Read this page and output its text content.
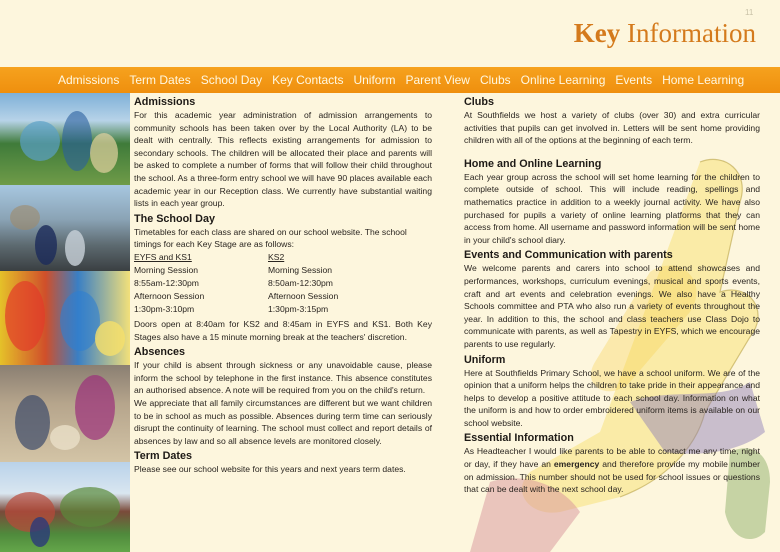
11
Key Information
Admissions Term Dates School Day Key Contacts Uniform Parent View Clubs Online Learning Events Home Learning
Admissions

For this academic year administration of admission arrangements to community schools has been taken over by the Local Authority (LA) to be dealt with centrally. This reflects existing arrangements for admission to secondary schools. The children will be allocated their place and parents will be asked to complete a number of forms that will follow their child throughout the school. As a three-form entry school we will have 90 places available each academic year in our Reception class. We currently have substantial waiting lists in each year group.

The School Day

Timetables for each class are shared on our school website. The school timings for each Key Stage are as follows:

EYFS and KS1	KS2
Morning Session	Morning Session
8:55am-12:30pm	8:50am-12:30pm
Afternoon Session	Afternoon Session
1:30pm-3:10pm	1:30pm-3:15pm

Doors open at 8:40am for KS2 and 8:45am in EYFS and KS1. Both Key Stages also have a 15 minute morning break at the teachers' discretion.

Absences

If your child is absent through sickness or any unavoidable cause, please inform the school by telephone in the first instance. This absence constitutes an authorised absence. A note will be required from you on the child's return.

We appreciate that all family circumstances are different but we want children to be in school as much as possible. Absences during term time can seriously disrupt the continuity of learning. The school must collect and report details of absences by law and so all absence levels are monitored closely.

Term Dates

Please see our school website for this years and next years term dates.

Clubs

At Southfields we host a variety of clubs (over 30) and extra curricular activities that pupils can get involved in. Letters will be sent home providing children with all of the options at the beginning of each term.

Home and Online Learning

Each year group across the school will set home learning for the children to complete outside of school. This will include reading, spellings and mathematics practice in addition to a weekly journal activity. We have also purchased for pupils a variety of online learning platforms that they can access from home. All username and password information will be sent home in your child's school diary.

Events and Communication with parents

We welcome parents and carers into school to attend showcases and performances, workshops, curriculum evenings, musical and sports events, craft and art events and celebration evenings. We also have a Healthy Schools committee and PTA who also run a variety of events throughout the year. In addition to this, the school and class teachers use Class Dojo to communicate with parents, as well as Tapestry in EYFS, which we encourage parents to use regularly.

Uniform

Here at Southfields Primary School, we have a school uniform. We are of the opinion that a uniform helps the children to take pride in their appearance and helps to develop a positive attitude to each school day. Information on what the uniform is and how to order embroidered uniform items is available on our school website.

Essential Information

As Headteacher I would like parents to be able to contact me any time, night or day, if they have an emergency and therefore provide my mobile number on admission. This number should not be used for school issues or questions that can be dealt with the next school day.
